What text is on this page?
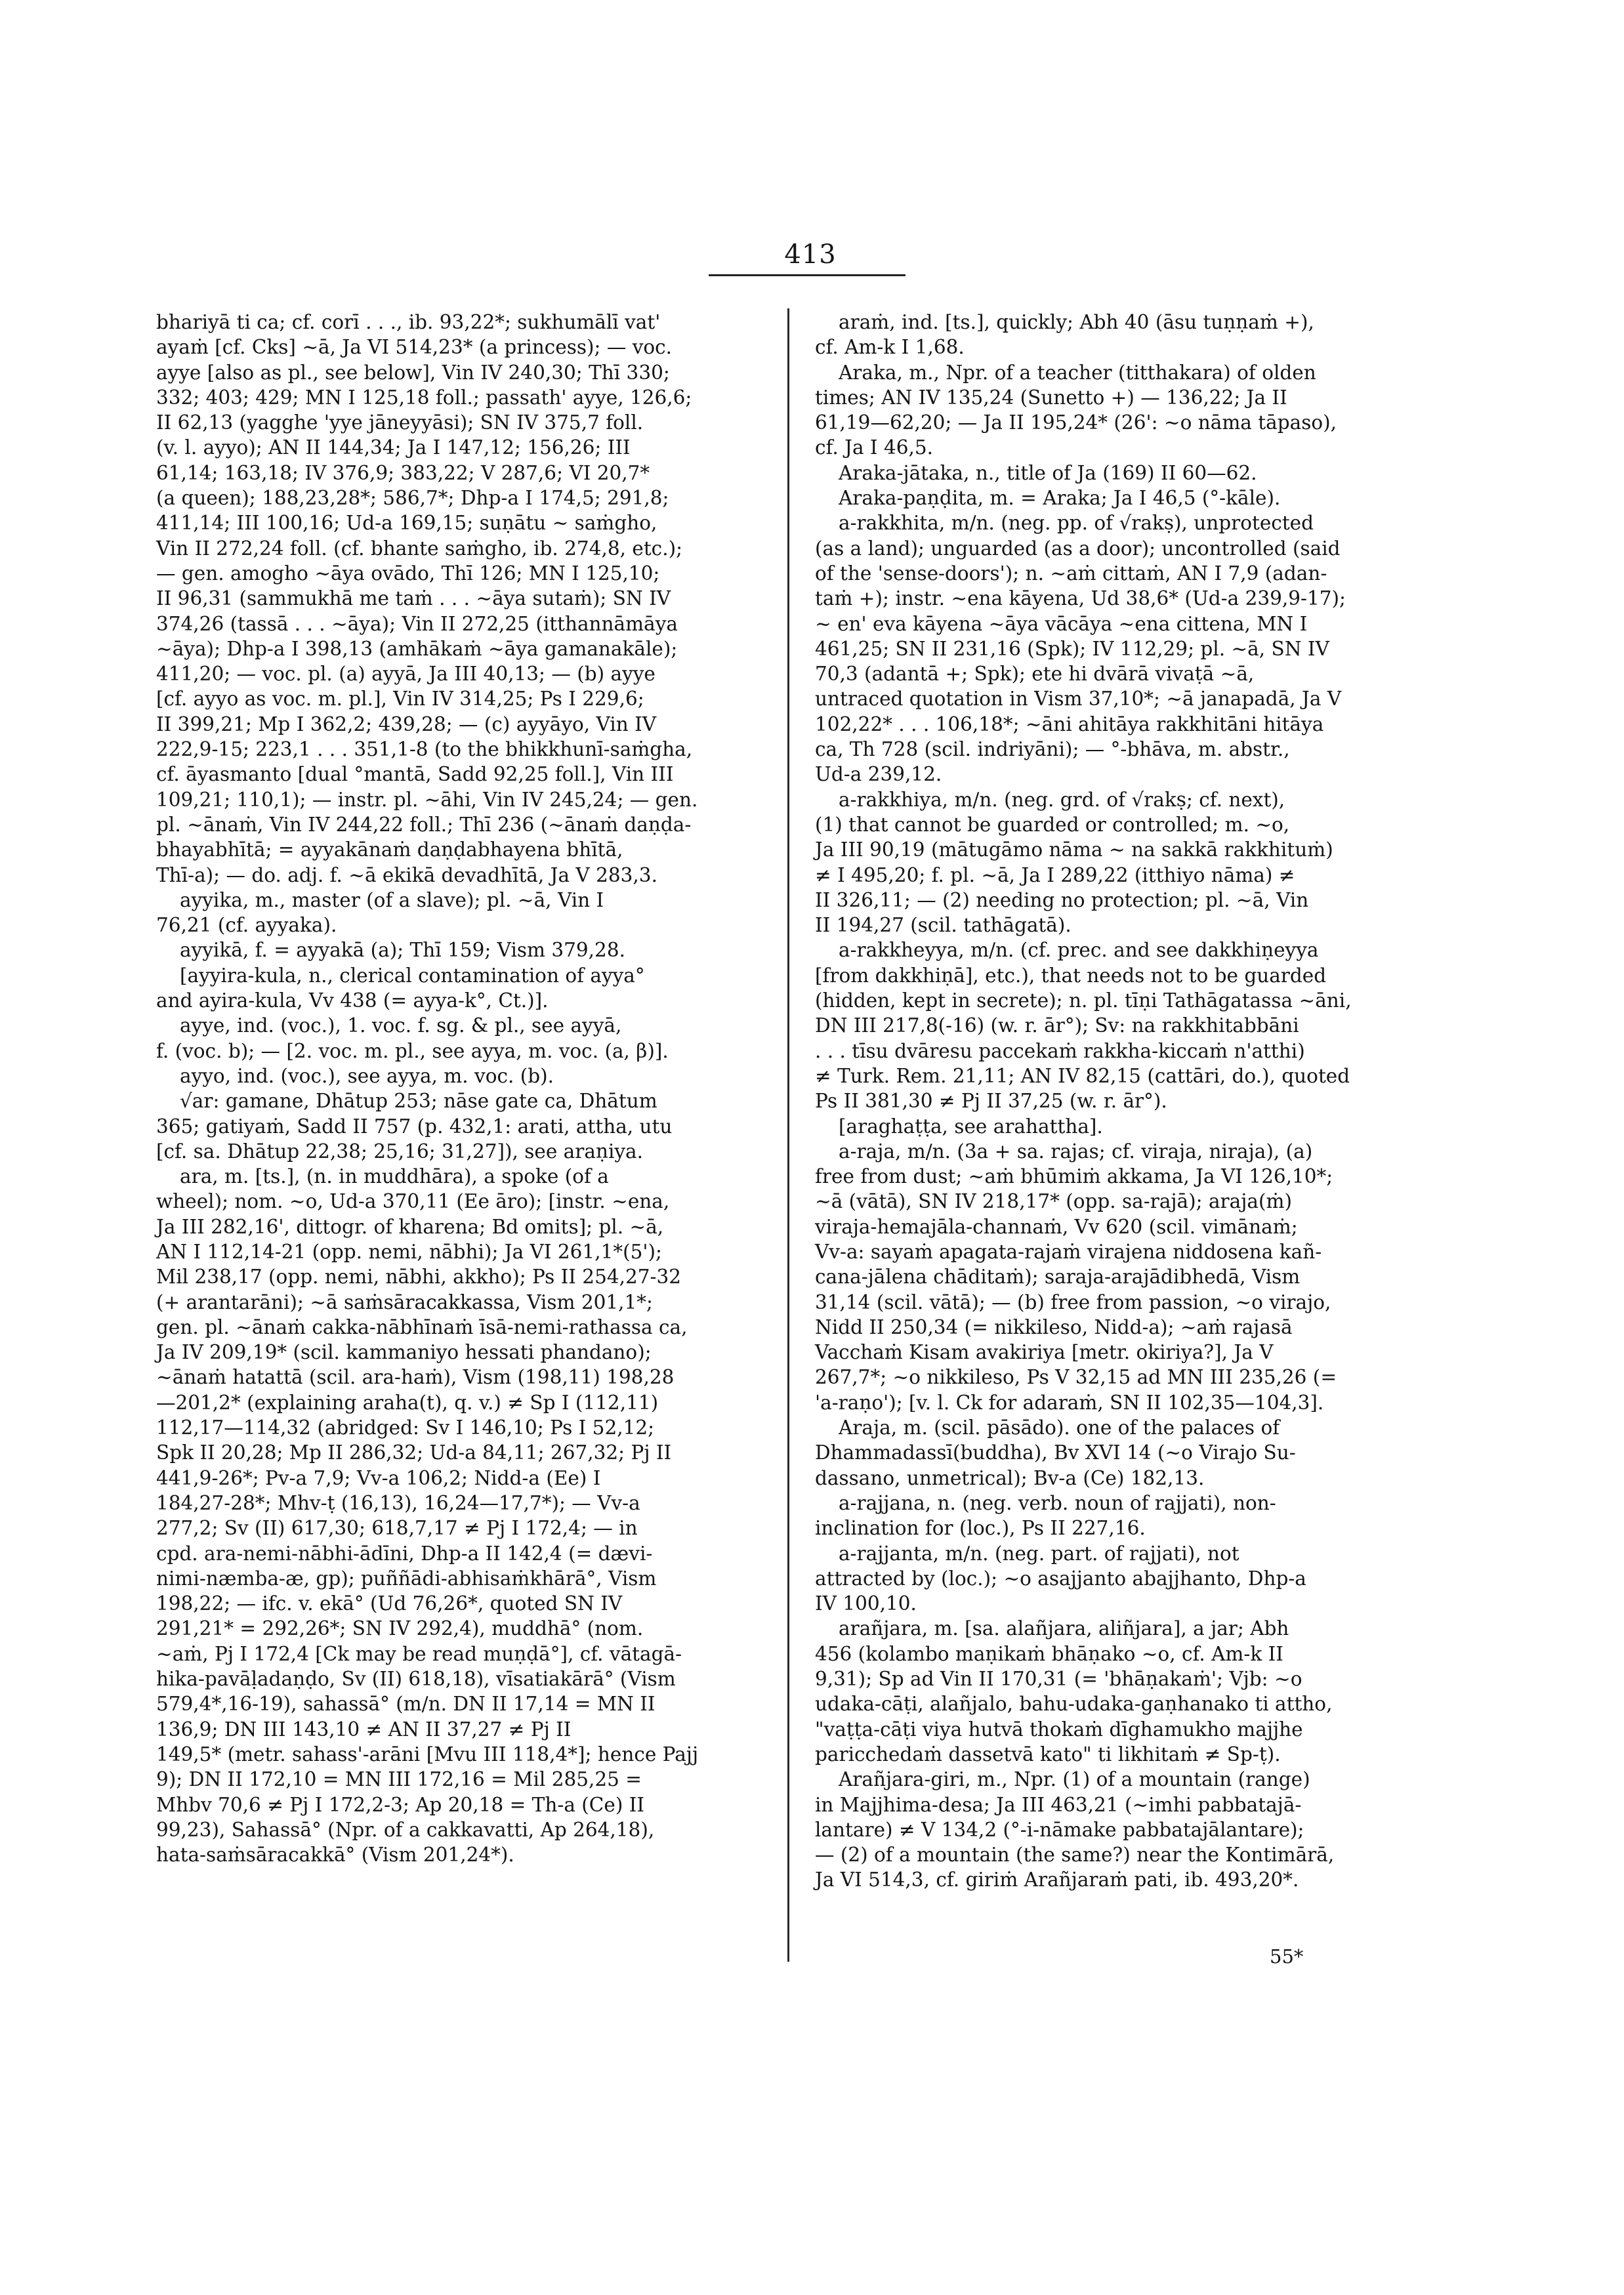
413

bhariyā ti ca; cf. corī . . ., ib. 93,22*; sukhumālī vat'

ayaṁ [cf. Cks] ~ā, Ja VI 514,23* (a princess); — voc.

ayye [also as pl., see below], Vin IV 240,30; Thī 330;

332; 403; 429; MN I 125,18 foll.; passath' ayye, 126,6;

II 62,13 (yagghe 'yye jāneyyāsi); SN IV 375,7 foll.

(v. l. ayyo); AN II 144,34; Ja I 147,12; 156,26; III

61,14; 163,18; IV 376,9; 383,22; V 287,6; VI 20,7*

(a queen); 188,23,28*; 586,7*; Dhp-a I 174,5; 291,8;

411,14; III 100,16; Ud-a 169,15; suṇātu ~ saṁgho,

Vin II 272,24 foll. (cf. bhante saṁgho, ib. 274,8, etc.);

— gen. amogho ~āya ovādo, Thī 126; MN I 125,10;

II 96,31 (sammukhā me taṁ . . . ~āya sutaṁ); SN IV

374,26 (tassā . . . ~āya); Vin II 272,25 (itthannāmāya

~āya); Dhp-a I 398,13 (amhākaṁ ~āya gamanakāle);

411,20; — voc. pl. (a) ayyā, Ja III 40,13; — (b) ayye

[cf. ayyo as voc. m. pl.], Vin IV 314,25; Ps I 229,6;

II 399,21; Mp I 362,2; 439,28; — (c) ayyāyo, Vin IV

222,9-15; 223,1 . . . 351,1-8 (to the bhikkhunī-saṁgha,

cf. āyasmanto [dual °mantā, Sadd 92,25 foll.], Vin III

109,21; 110,1); — instr. pl. ~āhi, Vin IV 245,24; — gen.

pl. ~ānaṁ, Vin IV 244,22 foll.; Thī 236 (~ānaṁ daṇḍa-

bhayabhītā; = ayyakānaṁ daṇḍabhayena bhītā,

Thī-a); — do. adj. f. ~ā ekikā devadhītā, Ja V 283,3.

ayyika, m., master (of a slave); pl. ~ā, Vin I

76,21 (cf. ayyaka).

ayyikā, f. = ayyakā (a); Thī 159; Vism 379,28.

[ayyira-kula, n., clerical contamination of ayya°

and ayira-kula, Vv 438 (= ayya-k°, Ct.)].

ayye, ind. (voc.), 1. voc. f. sg. & pl., see ayyā,

f. (voc. b); — [2. voc. m. pl., see ayya, m. voc. (a, β)].

ayyo, ind. (voc.), see ayya, m. voc. (b).

√ar: gamane, Dhātup 253; nāse gate ca, Dhātum

365; gatiyaṁ, Sadd II 757 (p. 432,1: arati, attha, utu

[cf. sa. Dhātup 22,38; 25,16; 31,27]), see araṇiya.

ara, m. [ts.], (n. in muddhāra), a spoke (of a

wheel); nom. ~o, Ud-a 370,11 (Ee āro); [instr. ~ena,

Ja III 282,16', dittogr. of kharena; Bd omits]; pl. ~ā,

AN I 112,14-21 (opp. nemi, nābhi); Ja VI 261,1*(5');

Mil 238,17 (opp. nemi, nābhi, akkho); Ps II 254,27-32

(+ arantarāni); ~ā saṁsāracakkassa, Vism 201,1*;

gen. pl. ~ānaṁ cakka-nābhīnaṁ īsā-nemi-rathassa ca,

Ja IV 209,19* (scil. kammaniyo hessati phandano);

~ānaṁ hatattā (scil. ara-haṁ), Vism (198,11) 198,28

—201,2* (explaining araha(t), q. v.) ≠ Sp I (112,11)

112,17—114,32 (abridged: Sv I 146,10; Ps I 52,12;

Spk II 20,28; Mp II 286,32; Ud-a 84,11; 267,32; Pj II

441,9-26*; Pv-a 7,9; Vv-a 106,2; Nidd-a (Ee) I

184,27-28*; Mhv-ṭ (16,13), 16,24—17,7*); — Vv-a

277,2; Sv (II) 617,30; 618,7,17 ≠ Pj I 172,4; — in

cpd. ara-nemi-nābhi-ādīni, Dhp-a II 142,4 (= dævi-

nimi-næmba-æ, gp); puññādi-abhisaṁkhārā°, Vism

198,22; — ifc. v. ekā° (Ud 76,26*, quoted SN IV

291,21* = 292,26*; SN IV 292,4), muddhā° (nom.

~aṁ, Pj I 172,4 [Ck may be read muṇḍā°], cf. vātagā-

hika-pavāḷadaṇḍo, Sv (II) 618,18), vīsatiakārā° (Vism

579,4*,16-19), sahassā° (m/n. DN II 17,14 = MN II

136,9; DN III 143,10 ≠ AN II 37,27 ≠ Pj II

149,5* (metr. sahass'-arāni [Mvu III 118,4*]; hence Pajj

9); DN II 172,10 = MN III 172,16 = Mil 285,25 =

Mhbv 70,6 ≠ Pj I 172,2-3; Ap 20,18 = Th-a (Ce) II

99,23), Sahassā° (Npr. of a cakkavatti, Ap 264,18),

hata-saṁsāracakkā° (Vism 201,24*).

araṁ, ind. [ts.], quickly; Abh 40 (āsu tuṇṇaṁ +),

cf. Am-k I 1,68.

Araka, m., Npr. of a teacher (titthakara) of olden

times; AN IV 135,24 (Sunetto +) — 136,22; Ja II

61,19—62,20; — Ja II 195,24* (26': ~o nāma tāpaso),

cf. Ja I 46,5.

Araka-jātaka, n., title of Ja (169) II 60—62.

Araka-paṇḍita, m. = Araka; Ja I 46,5 (°-kāle).

a-rakkhita, m/n. (neg. pp. of √rakṣ), unprotected

(as a land); unguarded (as a door); uncontrolled (said

of the 'sense-doors'); n. ~aṁ cittaṁ, AN I 7,9 (adan-

taṁ +); instr. ~ena kāyena, Ud 38,6* (Ud-a 239,9-17);

~ en' eva kāyena ~āya vācāya ~ena cittena, MN I

461,25; SN II 231,16 (Spk); IV 112,29; pl. ~ā, SN IV

70,3 (adantā +; Spk); ete hi dvārā vivaṭā ~ā,

untraced quotation in Vism 37,10*; ~ā janapadā, Ja V

102,22* . . . 106,18*; ~āni ahitāya rakkhitāni hitāya

ca, Th 728 (scil. indriyāni); — °-bhāva, m. abstr.,

Ud-a 239,12.

a-rakkhiya, m/n. (neg. grd. of √rakṣ; cf. next),

(1) that cannot be guarded or controlled; m. ~o,

Ja III 90,19 (mātugāmo nāma ~ na sakkā rakkhituṁ)

≠ I 495,20; f. pl. ~ā, Ja I 289,22 (itthiyo nāma) ≠

II 326,11; — (2) needing no protection; pl. ~ā, Vin

II 194,27 (scil. tathāgatā).

a-rakkheyya, m/n. (cf. prec. and see dakkhiṇeyya

[from dakkhiṇā], etc.), that needs not to be guarded

(hidden, kept in secrete); n. pl. tīṇi Tathāgatassa ~āni,

DN III 217,8(-16) (w. r. ār°); Sv: na rakkhitabbāni

. . . tīsu dvāresu paccekaṁ rakkha-kiccaṁ n'atthi)

≠ Turk. Rem. 21,11; AN IV 82,15 (cattāri, do.), quoted

Ps II 381,30 ≠ Pj II 37,25 (w. r. ār°).

[araghaṭṭa, see arahattha].

a-raja, m/n. (3a + sa. rajas; cf. viraja, niraja), (a)

free from dust; ~aṁ bhūmiṁ akkama, Ja VI 126,10*;

~ā (vātā), SN IV 218,17* (opp. sa-rajā); araja(ṁ)

viraja-hemajāla-channaṁ, Vv 620 (scil. vimānaṁ;

Vv-a: sayaṁ apagata-rajaṁ virajena niddosena kañ-

cana-jālena chāditaṁ); saraja-arajādibhedā, Vism

31,14 (scil. vātā); — (b) free from passion, ~o virajo,

Nidd II 250,34 (= nikkileso, Nidd-a); ~aṁ rajasā

Vacchaṁ Kisam avakiriya [metr. okiriya?], Ja V

267,7*; ~o nikkileso, Ps V 32,15 ad MN III 235,26 (=

'a-raṇo'); [v. l. Ck for adaraṁ, SN II 102,35—104,3].

Araja, m. (scil. pāsādo). one of the palaces of

Dhammadassī(buddha), Bv XVI 14 (~o Virajo Su-

dassano, unmetrical); Bv-a (Ce) 182,13.

a-rajjana, n. (neg. verb. noun of rajjati), non-

inclination for (loc.), Ps II 227,16.

a-rajjanta, m/n. (neg. part. of rajjati), not

attracted by (loc.); ~o asajjanto abajjhanto, Dhp-a

IV 100,10.

arañjara, m. [sa. alañjara, aliñjara], a jar; Abh

456 (kolambo maṇikaṁ bhāṇako ~o, cf. Am-k II

9,31); Sp ad Vin II 170,31 (= 'bhāṇakaṁ'; Vjb: ~o

udaka-cāṭi, alañjalo, bahu-udaka-gaṇhanako ti attho,

"vaṭṭa-cāṭi viya hutvā thokaṁ dīghamukho majjhe

paricchedaṁ dassetvā kato" ti likhitaṁ ≠ Sp-ṭ).

Arañjara-giri, m., Npr. (1) of a mountain (range)

in Majjhima-desa; Ja III 463,21 (~imhi pabbatajā-

lantare) ≠ V 134,2 (°-i-nāmake pabbatajālantare);

— (2) of a mountain (the same?) near the Kontimārā,

Ja VI 514,3, cf. giriṁ Arañjaraṁ pati, ib. 493,20*.

55*
